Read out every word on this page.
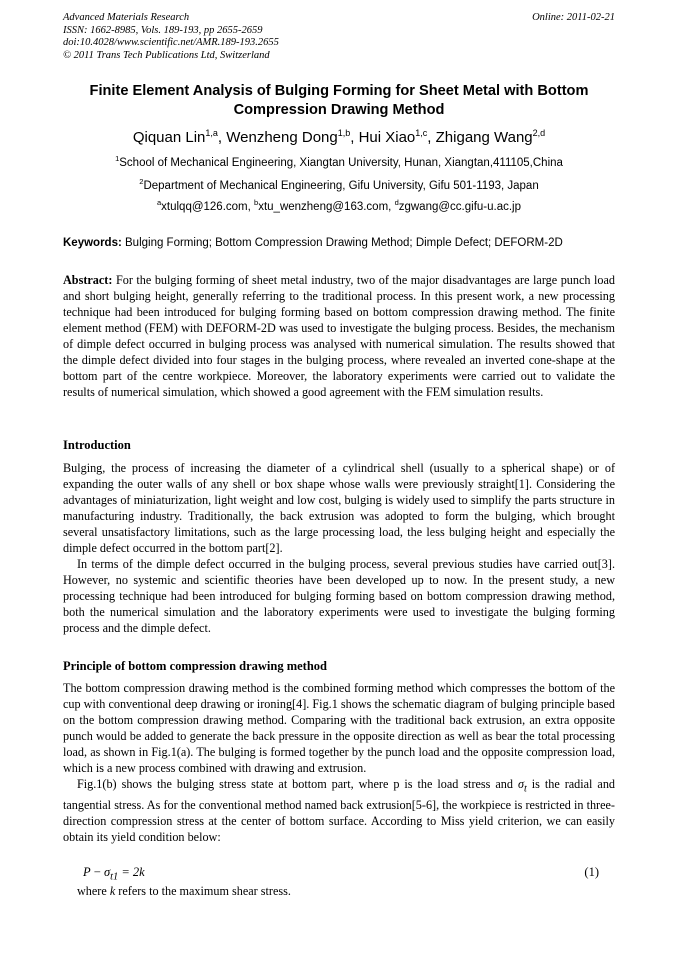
Advanced Materials Research	Online: 2011-02-21
ISSN: 1662-8985, Vols. 189-193, pp 2655-2659
doi:10.4028/www.scientific.net/AMR.189-193.2655
© 2011 Trans Tech Publications Ltd, Switzerland
Finite Element Analysis of Bulging Forming for Sheet Metal with Bottom
Compression Drawing Method
Qiquan Lin$^{1,a}$, Wenzheng Dong$^{1,b}$, Hui Xiao$^{1,c}$, Zhigang Wang$^{2,d}$
$^1$School of Mechanical Engineering, Xiangtan University, Hunan, Xiangtan,411105,China
$^2$Department of Mechanical Engineering, Gifu University, Gifu 501-1193, Japan
$^a$xtulqq@126.com, $^b$xtu_wenzheng@163.com, $^d$zgwang@cc.gifu-u.ac.jp
Keywords: Bulging Forming; Bottom Compression Drawing Method; Dimple Defect; DEFORM-2D

Abstract: For the bulging forming of sheet metal industry, two of the major disadvantages are large punch load and short bulging height, generally referring to the traditional process. In this present work, a new processing technique had been introduced for bulging forming based on bottom compression drawing method. The finite element method (FEM) with DEFORM-2D was used to investigate the bulging process. Besides, the mechanism of dimple defect occurred in bulging process was analysed with numerical simulation. The results showed that the dimple defect divided into four stages in the bulging process, where revealed an inverted cone-shape at the bottom part of the centre workpiece. Moreover, the laboratory experiments were carried out to validate the results of numerical simulation, which showed a good agreement with the FEM simulation results.

Introduction

Bulging, the process of increasing the diameter of a cylindrical shell (usually to a spherical shape) or of expanding the outer walls of any shell or box shape whose walls were previously straight[1]. Considering the advantages of miniaturization, light weight and low cost, bulging is widely used to simplify the parts structure in manufacturing industry. Traditionally, the back extrusion was adopted to form the bulging, which brought several unsatisfactory limitations, such as the large processing load, the less bulging height and especially the dimple defect occurred in the bottom part[2].

In terms of the dimple defect occurred in the bulging process, several previous studies have carried out[3]. However, no systemic and scientific theories have been developed up to now. In the present study, a new processing technique had been introduced for bulging forming based on bottom compression drawing method, both the numerical simulation and the laboratory experiments were used to investigate the bulging forming process and the dimple defect.

Principle of bottom compression drawing method

The bottom compression drawing method is the combined forming method which compresses the bottom of the cup with conventional deep drawing or ironing[4]. Fig.1 shows the schematic diagram of bulging principle based on the bottom compression drawing method. Comparing with the traditional back extrusion, an extra opposite punch would be added to generate the back pressure in the opposite direction as well as bear the total processing load, as shown in Fig.1(a). The bulging is formed together by the punch load and the opposite compression load, which is a new process combined with drawing and extrusion.

Fig.1(b) shows the bulging stress state at bottom part, where p is the load stress and $\sigma_t$ is the radial and tangential stress. As for the conventional method named back extrusion[5-6], the workpiece is restricted in three-direction compression stress at the center of bottom surface. According to Miss yield criterion, we can easily obtain its yield condition below:

$P - \sigma_{t1} = 2k$	(1)
where k refers to the maximum shear stress.
